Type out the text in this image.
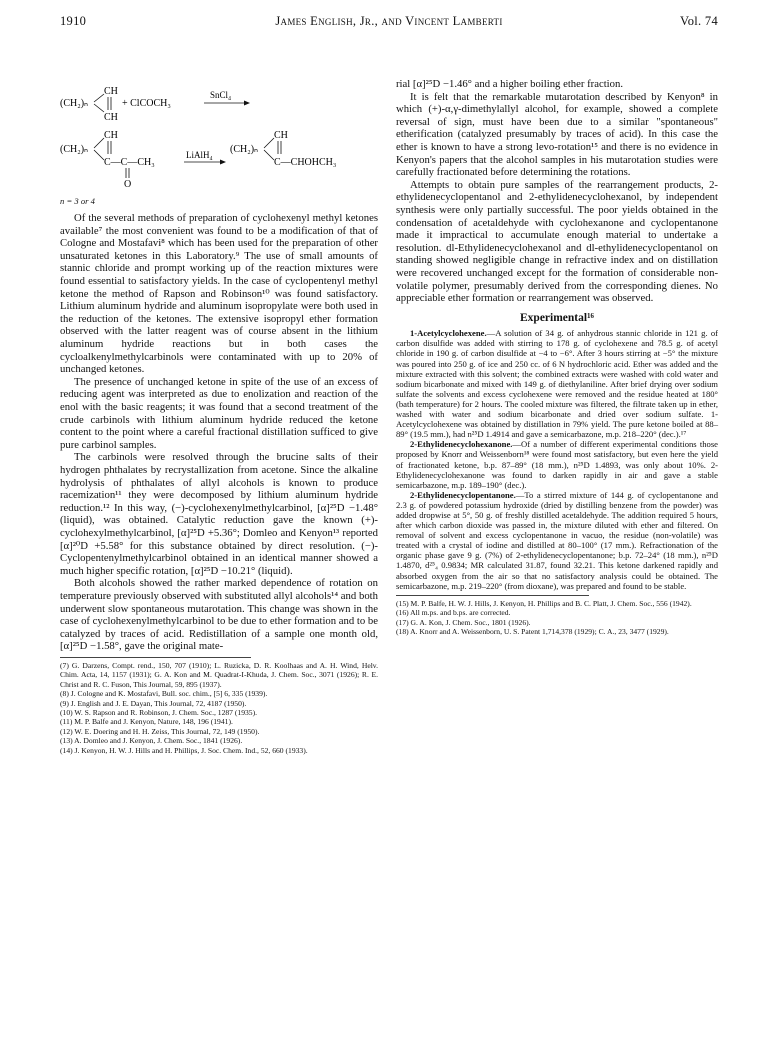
1910	James English, Jr., and Vincent Lamberti	Vol. 74
(CH₂)ₙ
CH
CH
+ ClCOCH₃
SnCl₄
(CH₂)ₙ
CH
C—C—CH₃
O
LiAlH₄ (CH₂)ₙ
CH
C—CHOHCH₃

n = 3 or 4

Of the several methods of preparation of cyclohexenyl methyl ketones available⁷ the most convenient was found to be a modification of that of Cologne and Mostafavi⁸ which has been used for the preparation of other unsaturated ketones in this Laboratory.⁹ The use of small amounts of stannic chloride and prompt working up of the reaction mixtures were found essential to satisfactory yields. In the case of cyclopentenyl methyl ketone the method of Rapson and Robinson¹⁰ was found satisfactory. Lithium aluminum hydride and aluminum isopropylate were both used in the reduction of the ketones. The extensive isopropyl ether formation observed with the latter reagent was of course absent in the lithium aluminum hydride reactions but in both cases the cycloalkenylmethylcarbinols were contaminated with up to 20% of unchanged ketones.

The presence of unchanged ketone in spite of the use of an excess of reducing agent was interpreted as due to enolization and reaction of the enol with the basic reagents; it was found that a second treatment of the crude carbinols with lithium aluminum hydride reduced the ketone content to the point where a careful fractional distillation sufficed to give pure carbinol samples.

The carbinols were resolved through the brucine salts of their hydrogen phthalates by recrystallization from acetone. Since the alkaline hydrolysis of phthalates of allyl alcohols is known to produce racemization¹¹ they were decomposed by lithium aluminum hydride reduction.¹² In this way, (−)-cyclohexenylmethylcarbinol, [α]²⁵D −1.48° (liquid), was obtained. Catalytic reduction gave the known (+)-cyclohexylmethylcarbinol, [α]²⁵D +5.36°; Domleo and Kenyon¹³ reported [α]²⁰D +5.58° for this substance obtained by direct resolution. (−)-Cyclopentenylmethylcarbinol obtained in an identical manner showed a much higher specific rotation, [α]²⁵D −10.21° (liquid).

Both alcohols showed the rather marked dependence of rotation on temperature previously observed with substituted allyl alcohols¹⁴ and both underwent slow spontaneous mutarotation. This change was shown in the case of cyclohexenylmethylcarbinol to be due to ether formation and to be catalyzed by traces of acid. Redistillation of a sample one month old, [α]²⁵D −1.58°, gave the original mate-

(7) G. Darzens, Compt. rend., 150, 707 (1910); L. Ruzicka, D. R. Koolhaas and A. H. Wind, Helv. Chim. Acta, 14, 1157 (1931); G. A. Kon and M. Quadrat-I-Khuda, J. Chem. Soc., 3071 (1926); R. E. Christ and R. C. Fuson, This Journal, 59, 895 (1937).

(8) J. Cologne and K. Mostafavi, Bull. soc. chim., [5] 6, 335 (1939).

(9) J. English and J. E. Dayan, This Journal, 72, 4187 (1950).

(10) W. S. Rapson and R. Robinson, J. Chem. Soc., 1287 (1935).

(11) M. P. Balfe and J. Kenyon, Nature, 148, 196 (1941).

(12) W. E. Doering and H. H. Zeiss, This Journal, 72, 149 (1950).

(13) A. Domleo and J. Kenyon, J. Chem. Soc., 1841 (1926).

(14) J. Kenyon, H. W. J. Hills and H. Phillips, J. Soc. Chem. Ind., 52, 660 (1933).

rial [α]²⁵D −1.46° and a higher boiling ether fraction.

It is felt that the remarkable mutarotation described by Kenyon⁸ in which (+)-α,γ-dimethylallyl alcohol, for example, showed a complete reversal of sign, must have been due to a similar "spontaneous" etherification (catalyzed presumably by traces of acid). In this case the ether is known to have a strong levo-rotation¹⁵ and there is no evidence in Kenyon's papers that the alcohol samples in his mutarotation studies were carefully fractionated before determining the rotations.

Attempts to obtain pure samples of the rearrangement products, 2-ethylidenecyclopentanol and 2-ethylidenecyclohexanol, by independent synthesis were only partially successful. The poor yields obtained in the condensation of acetaldehyde with cyclohexanone and cyclopentanone made it impractical to accumulate enough material to undertake a resolution. dl-Ethylidenecyclohexanol and dl-ethylidenecyclopentanol on standing showed negligible change in refractive index and on distillation were recovered unchanged except for the formation of considerable non-volatile polymer, presumably derived from the corresponding dienes. No appreciable ether formation or rearrangement was observed.

Experimental¹⁶

1-Acetylcyclohexene.—A solution of 34 g. of anhydrous stannic chloride in 121 g. of carbon disulfide was added with stirring to 178 g. of cyclohexene and 78.5 g. of acetyl chloride in 190 g. of carbon disulfide at −4 to −6°. After 3 hours stirring at −5° the mixture was poured into 250 g. of ice and 250 cc. of 6 N hydrochloric acid. Ether was added and the mixture extracted with this solvent; the combined extracts were washed with cold water and sodium bicarbonate and mixed with 149 g. of diethylaniline. After brief drying over sodium sulfate the solvents and excess cyclohexene were removed and the residue heated at 180° (bath temperature) for 2 hours. The cooled mixture was filtered, the filtrate taken up in ether, washed with water and sodium bicarbonate and dried over sodium sulfate. 1-Acetylcyclohexene was obtained by distillation in 79% yield. The pure ketone boiled at 88–89° (19.5 mm.), had n²⁵D 1.4914 and gave a semicarbazone, m.p. 218–220° (dec.).¹⁷

2-Ethylidenecyclohexanone.—Of a number of different experimental conditions those proposed by Knorr and Weissenborn¹⁸ were found most satisfactory, but even here the yield of fractionated ketone, b.p. 87–89° (18 mm.), n²⁵D 1.4893, was only about 10%. 2-Ethylidenecyclohexanone was found to darken rapidly in air and gave a stable semicarbazone, m.p. 189–190° (dec.).

2-Ethylidenecyclopentanone.—To a stirred mixture of 144 g. of cyclopentanone and 2.3 g. of powdered potassium hydroxide (dried by distilling benzene from the powder) was added dropwise at 5°, 50 g. of freshly distilled acetaldehyde. The addition required 5 hours, after which carbon dioxide was passed in, the mixture diluted with ether and filtered. On removal of solvent and excess cyclopentanone in vacuo, the residue (non-volatile) was treated with a crystal of iodine and distilled at 80–100° (17 mm.). Refractionation of the organic phase gave 9 g. (7%) of 2-ethylidenecyclopentanone; b.p. 72–24° (18 mm.), n²⁵D 1.4870, d²⁵₄ 0.9834; MR calculated 31.87, found 32.21. This ketone darkened rapidly and absorbed oxygen from the air so that no satisfactory analysis could be obtained. The semicarbazone, m.p. 219–220° (from dioxane), was prepared and found to be stable.

(15) M. P. Balfe, H. W. J. Hills, J. Kenyon, H. Phillips and B. C. Platt, J. Chem. Soc., 556 (1942).

(16) All m.ps. and b.ps. are corrected.

(17) G. A. Kon, J. Chem. Soc., 1801 (1926).

(18) A. Knorr and A. Weissenborn, U. S. Patent 1,714,378 (1929); C. A., 23, 3477 (1929).
